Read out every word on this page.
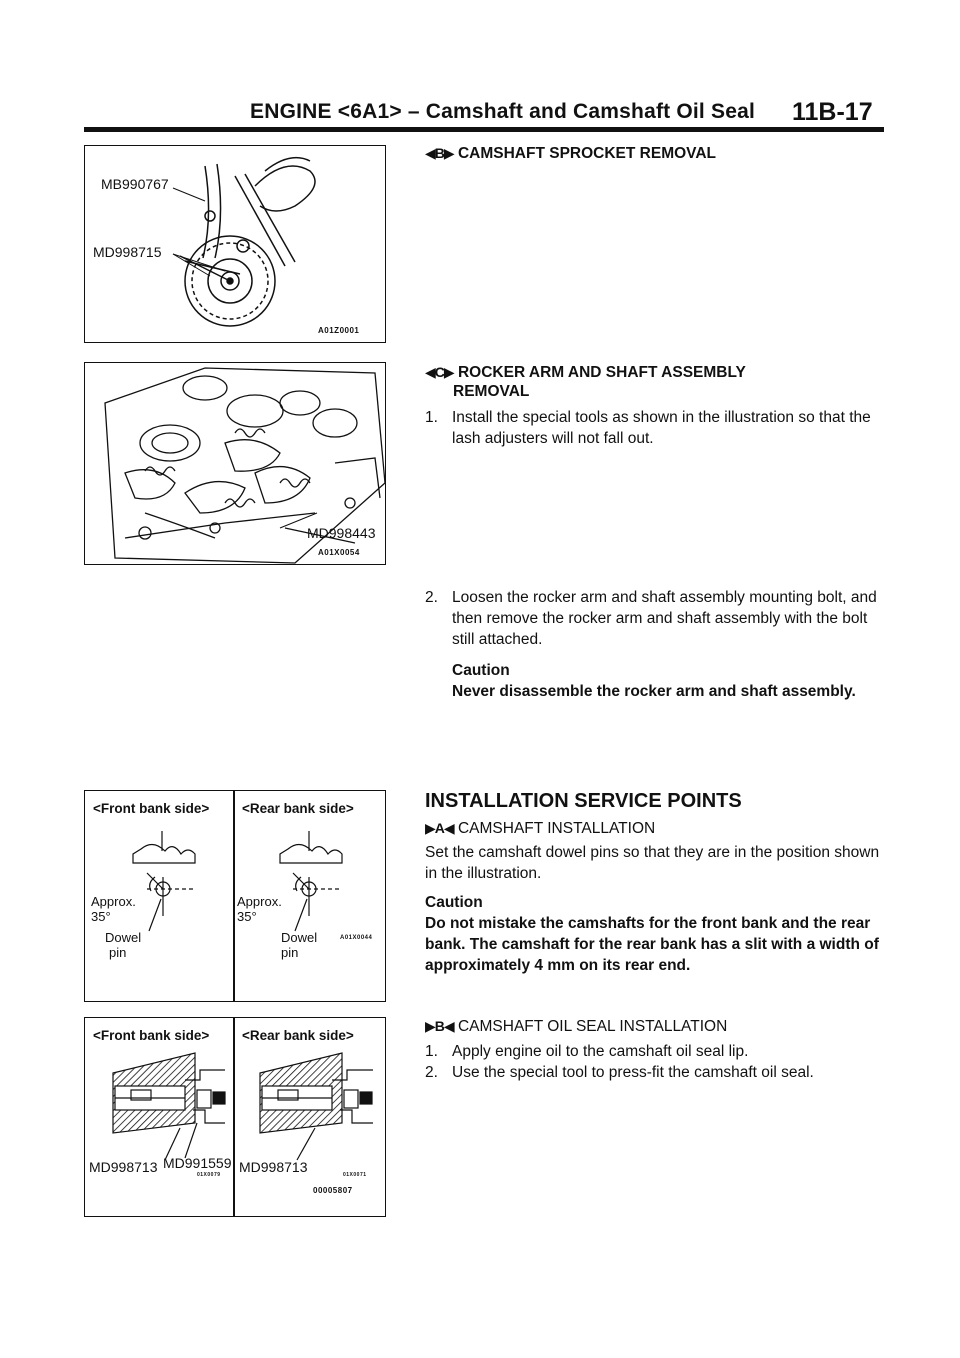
ENGINE <6A1> – Camshaft and Camshaft Oil Seal 11B-17
MB990767
MD998715
A01Z0001
MD998443
A01X0054
<Front bank side> <Rear bank side>
Approx.
35°
Dowel
pin
Approx.
35°
Dowel
pin
A01X0044
<Front bank side> <Rear bank side>
MD998713 MD991559 MD998713
01X0079	01X0071
00005807
◀B▶ CAMSHAFT SPROCKET REMOVAL
◀C▶ ROCKER ARM AND SHAFT ASSEMBLY
REMOVAL
1. Install the special tools as shown in the illustration so that the lash adjusters will not fall out.
2. Loosen the rocker arm and shaft assembly mounting bolt, and then remove the rocker arm and shaft assembly with the bolt still attached.
Caution
Never disassemble the rocker arm and shaft assembly.
INSTALLATION SERVICE POINTS
▶A◀ CAMSHAFT INSTALLATION
Set the camshaft dowel pins so that they are in the position shown in the illustration.
Caution
Do not mistake the camshafts for the front bank and the rear bank. The camshaft for the rear bank has a slit with a width of approximately 4 mm on its rear end.
▶B◀ CAMSHAFT OIL SEAL INSTALLATION
1. Apply engine oil to the camshaft oil seal lip.
2. Use the special tool to press-fit the camshaft oil seal.
